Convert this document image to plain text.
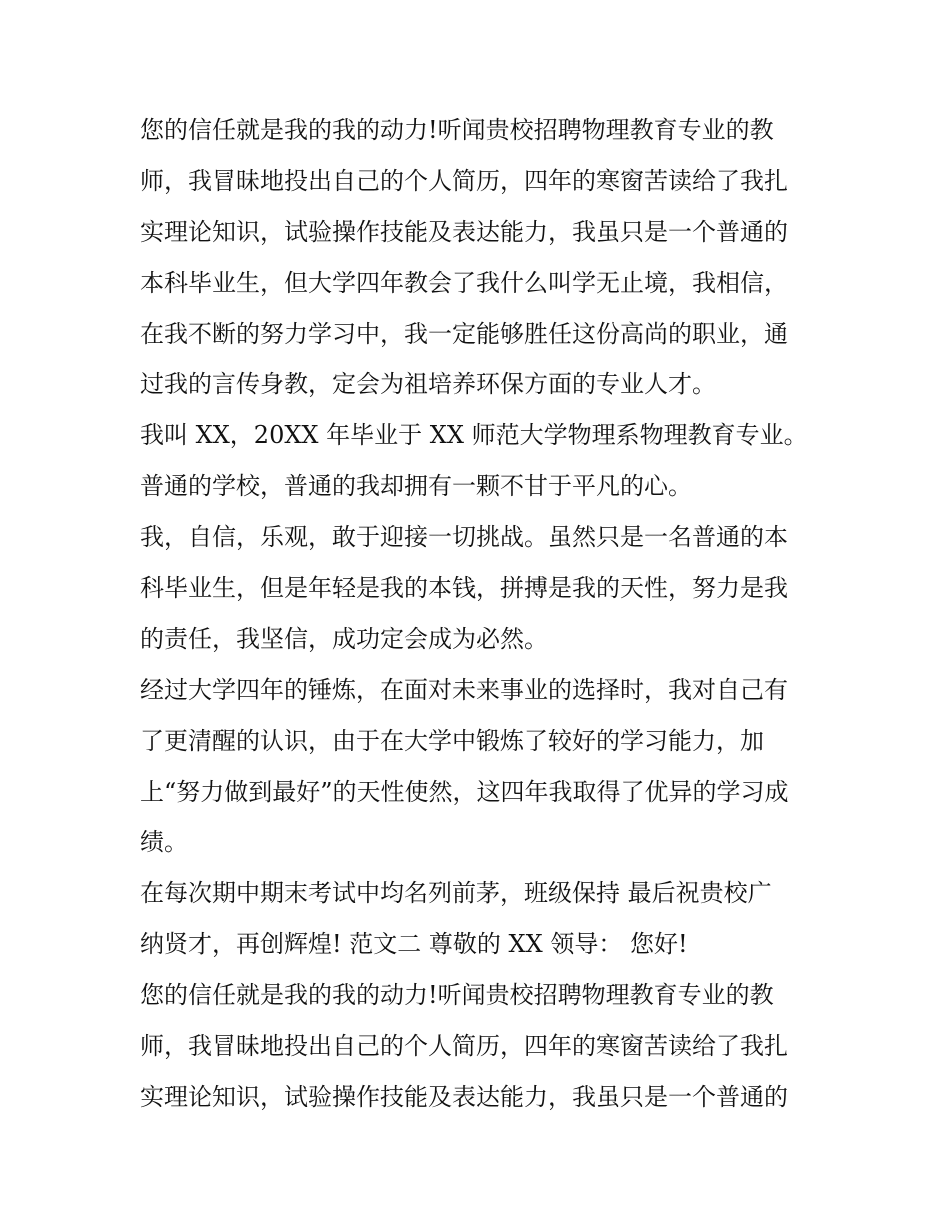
您的信任就是我的我的动力!听闻贵校招聘物理教育专业的教
师，我冒昧地投出自己的个人简历，四年的寒窗苦读给了我扎
实理论知识，试验操作技能及表达能力，我虽只是一个普通的
本科毕业生，但大学四年教会了我什么叫学无止境，我相信，
在我不断的努力学习中，我一定能够胜任这份高尚的职业，通
过我的言传身教，定会为祖培养环保方面的专业人才。
我叫 XX，20XX 年毕业于 XX 师范大学物理系物理教育专业。
普通的学校，普通的我却拥有一颗不甘于平凡的心。
我，自信，乐观，敢于迎接一切挑战。虽然只是一名普通的本
科毕业生，但是年轻是我的本钱，拼搏是我的天性，努力是我
的责任，我坚信，成功定会成为必然。
经过大学四年的锤炼，在面对未来事业的选择时，我对自己有
了更清醒的认识，由于在大学中锻炼了较好的学习能力，加
上“努力做到最好”的天性使然，这四年我取得了优异的学习成
绩。
在每次期中期末考试中均名列前茅，班级保持 最后祝贵校广
纳贤才，再创辉煌! 范文二 尊敬的 XX 领导： 您好!
您的信任就是我的我的动力!听闻贵校招聘物理教育专业的教
师，我冒昧地投出自己的个人简历，四年的寒窗苦读给了我扎
实理论知识，试验操作技能及表达能力，我虽只是一个普通的
